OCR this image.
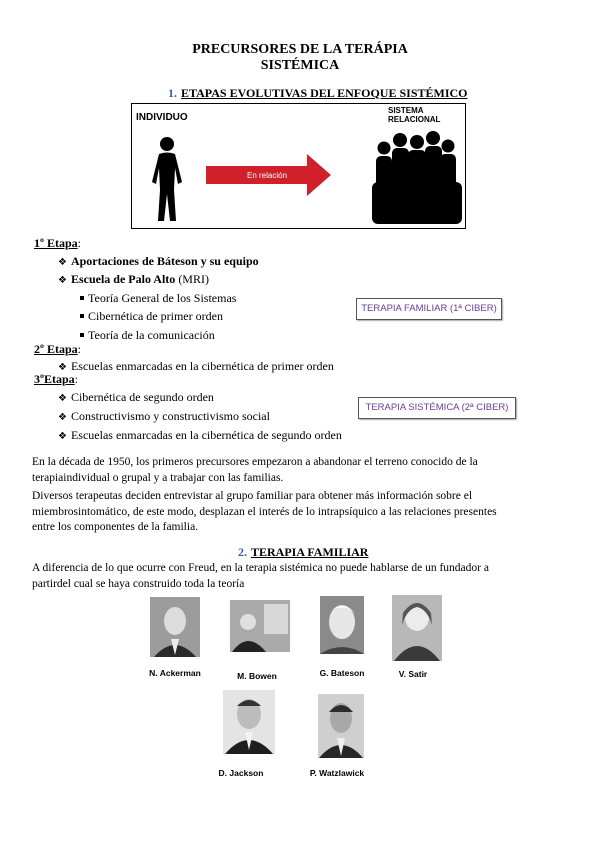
PRECURSORES DE LA TERÁPIA
SISTÉMICA
1. ETAPAS EVOLUTIVAS DEL ENFOQUE SISTÉMICO
INDIVIDUO
SISTEMA
RELACIONAL
En relación
1º Etapa:
❖ Aportaciones de Báteson y su equipo
❖ Escuela de Palo Alto (MRI)
Teoría General de los Sistemas
Cibernética de primer orden
Teoría de la comunicación
TERAPIA FAMILIAR (1ª CIBER)
2º Etapa:
❖ Escuelas enmarcadas en la cibernética de primer orden
3ºEtapa:
❖ Cibernética de segundo orden
❖ Constructivismo y constructivismo social
❖ Escuelas enmarcadas en la cibernética de segundo orden
TERAPIA SISTÉMICA (2ª CIBER)
En la década de 1950, los primeros precursores empezaron a abandonar el terreno conocido de la
terapiaindividual o grupal y a trabajar con las familias.
Diversos terapeutas deciden entrevistar al grupo familiar para obtener más información sobre el
miembrosintomático, de este modo, desplazan el interés de lo intrapsíquico a las relaciones presentes
entre los componentes de la familia.
2. TERAPIA FAMILIAR
A diferencia de lo que ocurre con Freud, en la terapia sistémica no puede hablarse de un fundador a
partirdel cual se haya construido toda la teoría
N. Ackerman	M. Bowen	G. Bateson	V. Satir
D. Jackson	P. Watzlawick
